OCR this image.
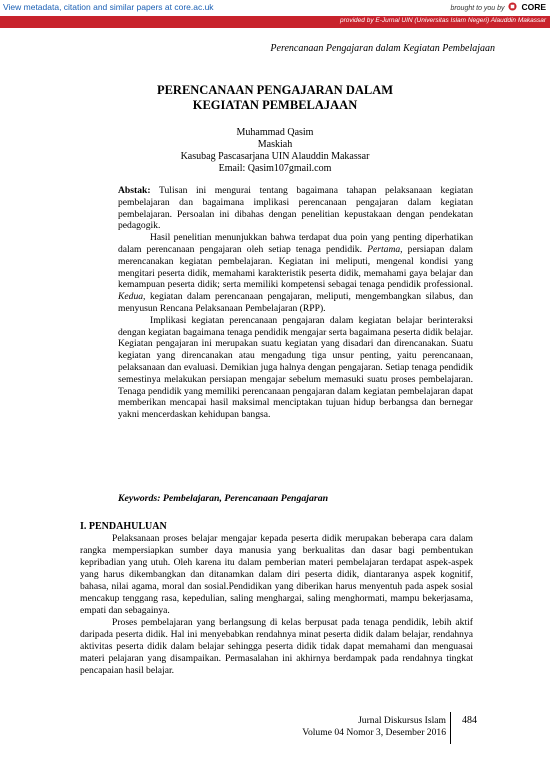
View metadata, citation and similar papers at core.ac.uk	brought to you by CORE
provided by E-Jurnal UIN (Universitas Islam Negeri) Alauddin Makassar
Perencanaan Pengajaran dalam Kegiatan Pembelajaan
PERENCANAAN PENGAJARAN DALAM
KEGIATAN PEMBELAJAAN
Muhammad Qasim
Maskiah
Kasubag Pascasarjana UIN Alauddin Makassar
Email: Qasim107gmail.com

Abstak: Tulisan ini mengurai tentang bagaimana tahapan pelaksanaan kegiatan pembelajaran dan bagaimana implikasi perencanaan pengajaran dalam kegiatan pembelajaran. Persoalan ini dibahas dengan penelitian kepustakaan dengan pendekatan pedagogik.

Hasil penelitian menunjukkan bahwa terdapat dua poin yang penting diperhatikan dalam perencanaan pengajaran oleh setiap tenaga pendidik. Pertama, persiapan dalam merencanakan kegiatan pembelajaran. Kegiatan ini meliputi, mengenal kondisi yang mengitari peserta didik, memahami karakteristik peserta didik, memahami gaya belajar dan kemampuan peserta didik; serta memiliki kompetensi sebagai tenaga pendidik professional. Kedua, kegiatan dalam perencanaan pengajaran, meliputi, mengembangkan silabus, dan menyusun Rencana Pelaksanaan Pembelajaran (RPP).

Implikasi kegiatan perencanaan pengajaran dalam kegiatan belajar berinteraksi dengan kegiatan bagaimana tenaga pendidik mengajar serta bagaimana peserta didik belajar. Kegiatan pengajaran ini merupakan suatu kegiatan yang disadari dan direncanakan. Suatu kegiatan yang direncanakan atau mengadung tiga unsur penting, yaitu perencanaan, pelaksanaan dan evaluasi. Demikian juga halnya dengan pengajaran. Setiap tenaga pendidik semestinya melakukan persiapan mengajar sebelum memasuki suatu proses pembelajaran. Tenaga pendidik yang memiliki perencanaan pengajaran dalam kegiatan pembelajaran dapat memberikan mencapai hasil maksimal menciptakan tujuan hidup berbangsa dan bernegar yakni mencerdaskan kehidupan bangsa.

Keywords: Pembelajaran, Perencanaan Pengajaran
I. PENDAHULUAN

Pelaksanaan proses belajar mengajar kepada peserta didik merupakan beberapa cara dalam rangka mempersiapkan sumber daya manusia yang berkualitas dan dasar bagi pembentukan kepribadian yang utuh. Oleh karena itu dalam pemberian materi pembelajaran terdapat aspek-aspek yang harus dikembangkan dan ditanamkan dalam diri peserta didik, diantaranya aspek kognitif, bahasa, nilai agama, moral dan sosial.Pendidikan yang diberikan harus menyentuh pada aspek sosial mencakup tenggang rasa, kepedulian, saling menghargai, saling menghormati, mampu bekerjasama, empati dan sebagainya.

Proses pembelajaran yang berlangsung di kelas berpusat pada tenaga pendidik, lebih aktif daripada peserta didik. Hal ini menyebabkan rendahnya minat peserta didik dalam belajar, rendahnya aktivitas peserta didik dalam belajar sehingga peserta didik tidak dapat memahami dan menguasai materi pelajaran yang disampaikan. Permasalahan ini akhirnya berdampak pada rendahnya tingkat pencapaian hasil belajar.

Jurnal Diskursus Islam
Volume 04 Nomor 3, Desember 2016
484
